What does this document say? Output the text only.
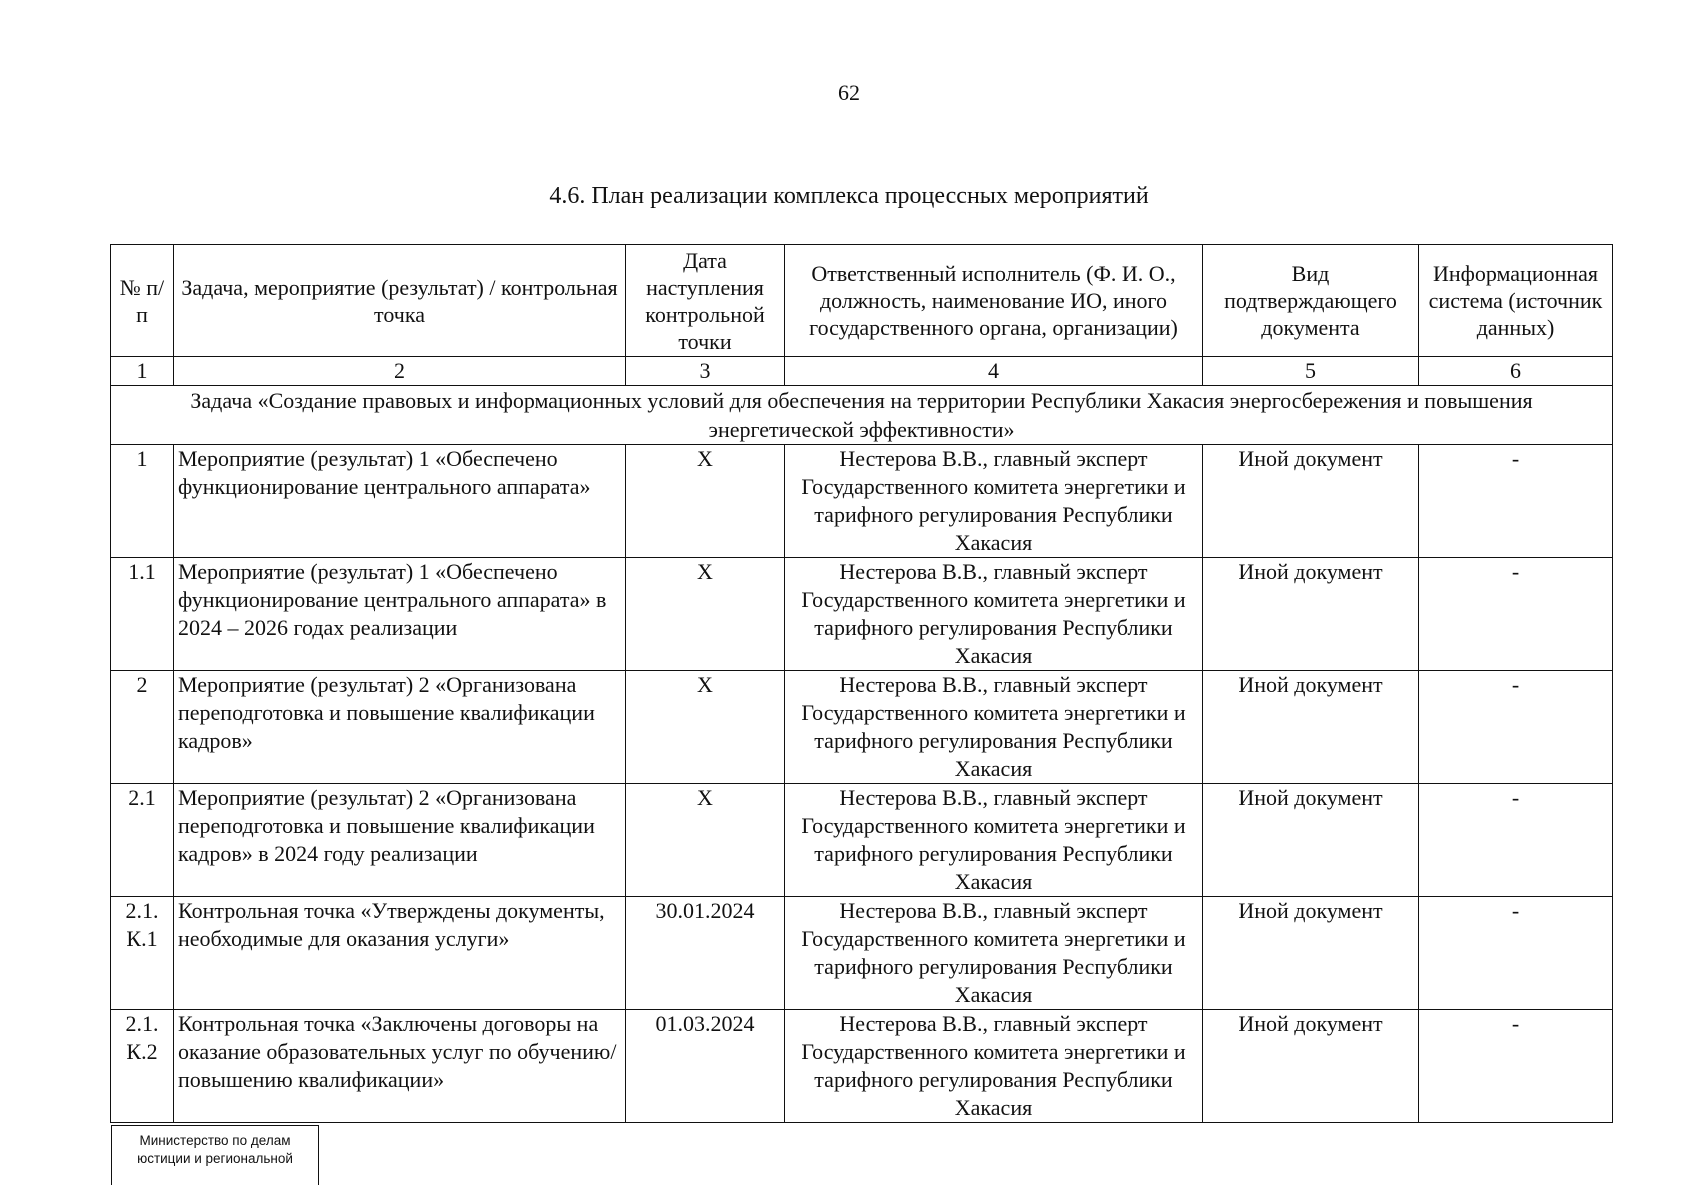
62
4.6. План реализации комплекса процессных мероприятий
№ п/п	Задача, мероприятие (результат) / контрольная точка	Дата наступления контрольной точки	Ответственный исполнитель (Ф. И. О., должность, наименование ИО, иного государственного органа, организации)	Вид подтверждающего документа	Информационная система (источник данных)
1	2	3	4	5	6
Задача «Создание правовых и информационных условий для обеспечения на территории Республики Хакасия энергосбережения и повышения энергетической эффективности»					
1	Мероприятие (результат) 1 «Обеспечено функционирование центрального аппарата»	Х	Нестерова В.В., главный эксперт Государственного комитета энергетики и тарифного регулирования Республики Хакасия	Иной документ	-
1.1	Мероприятие (результат) 1 «Обеспечено функционирование центрального аппарата» в 2024 – 2026 годах реализации	Х	Нестерова В.В., главный эксперт Государственного комитета энергетики и тарифного регулирования Республики Хакасия	Иной документ	-
2	Мероприятие (результат) 2 «Организована переподготовка и повышение квалификации кадров»	Х	Нестерова В.В., главный эксперт Государственного комитета энергетики и тарифного регулирования Республики Хакасия	Иной документ	-
2.1	Мероприятие (результат) 2 «Организована переподготовка и повышение квалификации кадров» в 2024 году реализации	Х	Нестерова В.В., главный эксперт Государственного комитета энергетики и тарифного регулирования Республики Хакасия	Иной документ	-
2.1. К.1	Контрольная точка «Утверждены документы, необходимые для оказания услуги»	30.01.2024	Нестерова В.В., главный эксперт Государственного комитета энергетики и тарифного регулирования Республики Хакасия	Иной документ	-
2.1. К.2	Контрольная точка «Заключены договоры на оказание образовательных услуг по обучению/повышению квалификации»	01.03.2024	Нестерова В.В., главный эксперт Государственного комитета энергетики и тарифного регулирования Республики Хакасия	Иной документ	-
Министерство по делам
юстиции и региональной
